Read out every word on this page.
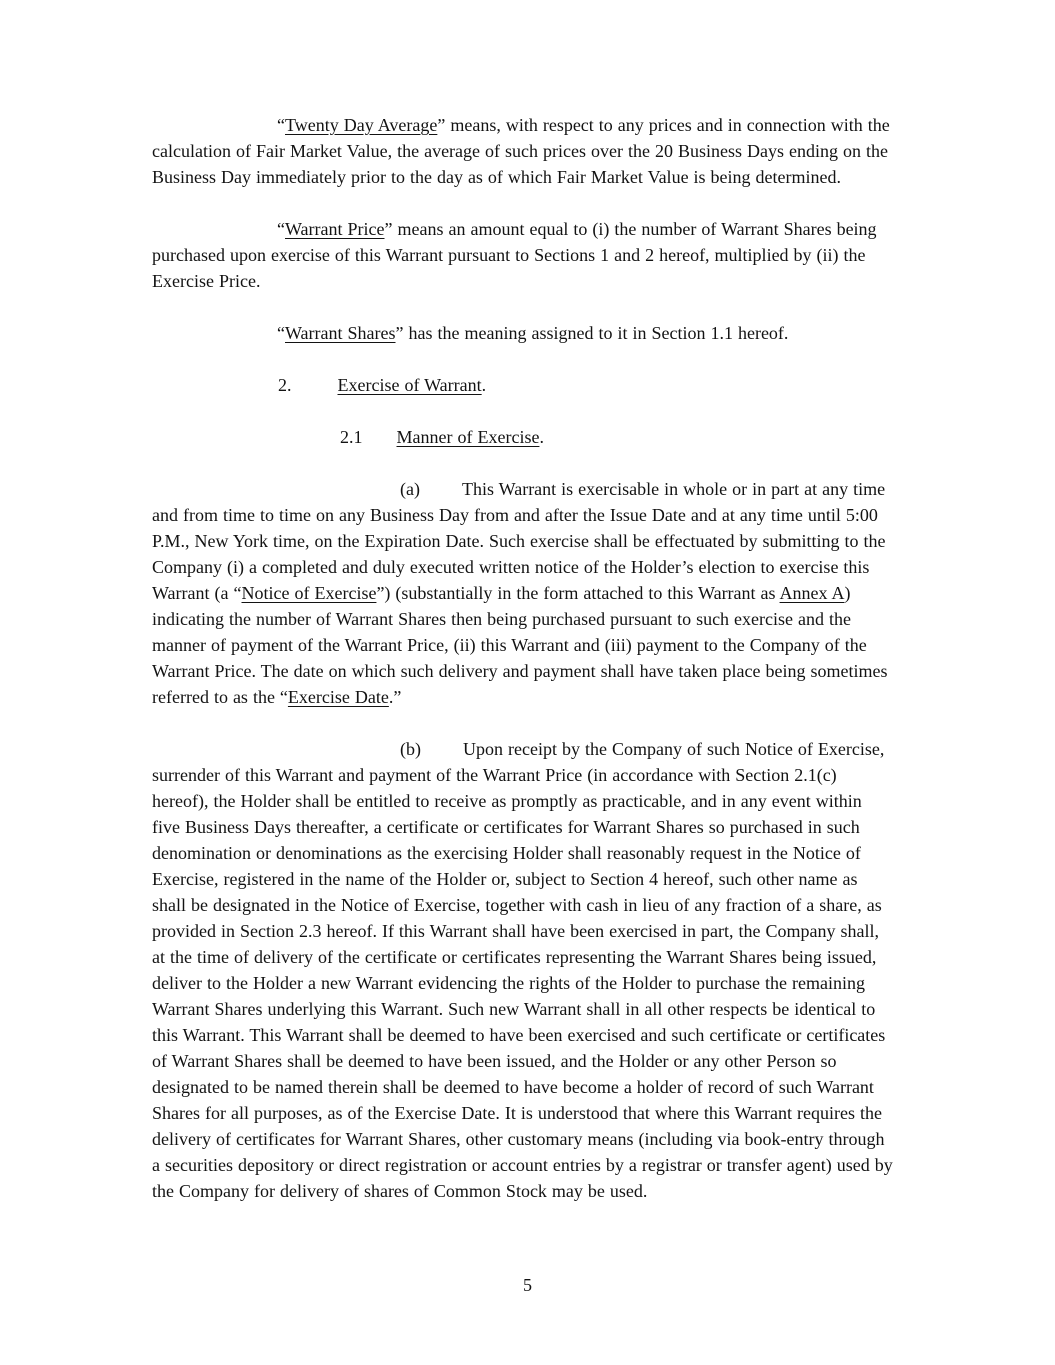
“Twenty Day Average” means, with respect to any prices and in connection with the calculation of Fair Market Value, the average of such prices over the 20 Business Days ending on the Business Day immediately prior to the day as of which Fair Market Value is being determined.

“Warrant Price” means an amount equal to (i) the number of Warrant Shares being purchased upon exercise of this Warrant pursuant to Sections 1 and 2 hereof, multiplied by (ii) the Exercise Price.

“Warrant Shares” has the meaning assigned to it in Section 1.1 hereof.

2.	Exercise of Warrant.

2.1 Manner of Exercise.

(a) This Warrant is exercisable in whole or in part at any time and from time to time on any Business Day from and after the Issue Date and at any time until 5:00 P.M., New York time, on the Expiration Date. Such exercise shall be effectuated by submitting to the Company (i) a completed and duly executed written notice of the Holder’s election to exercise this Warrant (a “Notice of Exercise”) (substantially in the form attached to this Warrant as Annex A) indicating the number of Warrant Shares then being purchased pursuant to such exercise and the manner of payment of the Warrant Price, (ii) this Warrant and (iii) payment to the Company of the Warrant Price. The date on which such delivery and payment shall have taken place being sometimes referred to as the “Exercise Date.”

(b) Upon receipt by the Company of such Notice of Exercise, surrender of this Warrant and payment of the Warrant Price (in accordance with Section 2.1(c) hereof), the Holder shall be entitled to receive as promptly as practicable, and in any event within five Business Days thereafter, a certificate or certificates for Warrant Shares so purchased in such denomination or denominations as the exercising Holder shall reasonably request in the Notice of Exercise, registered in the name of the Holder or, subject to Section 4 hereof, such other name as shall be designated in the Notice of Exercise, together with cash in lieu of any fraction of a share, as provided in Section 2.3 hereof. If this Warrant shall have been exercised in part, the Company shall, at the time of delivery of the certificate or certificates representing the Warrant Shares being issued, deliver to the Holder a new Warrant evidencing the rights of the Holder to purchase the remaining Warrant Shares underlying this Warrant. Such new Warrant shall in all other respects be identical to this Warrant. This Warrant shall be deemed to have been exercised and such certificate or certificates of Warrant Shares shall be deemed to have been issued, and the Holder or any other Person so designated to be named therein shall be deemed to have become a holder of record of such Warrant Shares for all purposes, as of the Exercise Date. It is understood that where this Warrant requires the delivery of certificates for Warrant Shares, other customary means (including via book-entry through a securities depository or direct registration or account entries by a registrar or transfer agent) used by the Company for delivery of shares of Common Stock may be used.

5
